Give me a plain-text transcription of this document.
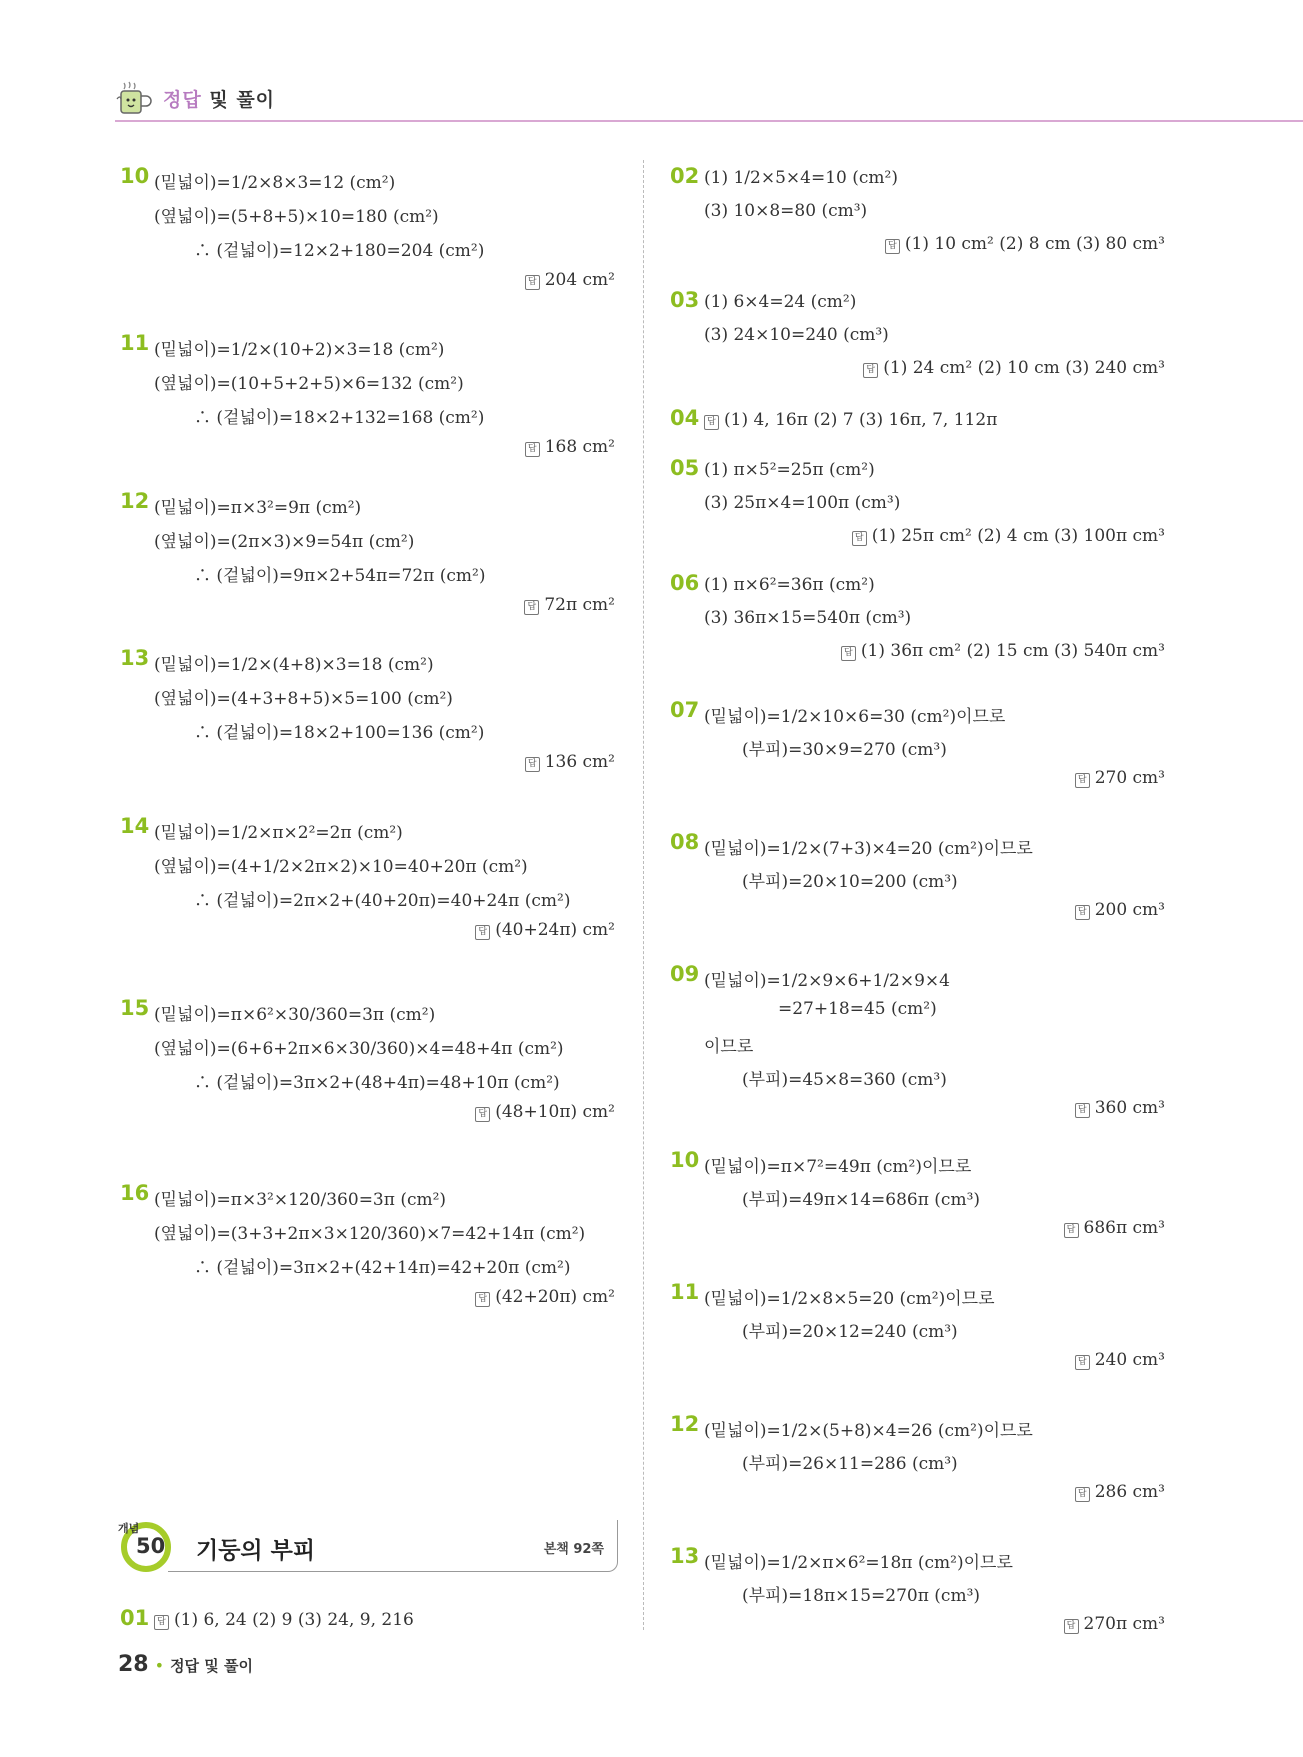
정답 및 풀이
10 (밑넓이)=1/2×8×3=12 (cm²)
(옆넓이)=(5+8+5)×10=180 (cm²)
∴ (겉넓이)=12×2+180=204 (cm²)
답 204 cm²
11 (밑넓이)=1/2×(10+2)×3=18 (cm²)
(옆넓이)=(10+5+2+5)×6=132 (cm²)
∴ (겉넓이)=18×2+132=168 (cm²)
답 168 cm²
12 (밑넓이)=π×3²=9π (cm²)
(옆넓이)=(2π×3)×9=54π (cm²)
∴ (겉넓이)=9π×2+54π=72π (cm²)
답 72π cm²
13 (밑넓이)=1/2×(4+8)×3=18 (cm²)
(옆넓이)=(4+3+8+5)×5=100 (cm²)
∴ (겉넓이)=18×2+100=136 (cm²)
답 136 cm²
14 (밑넓이)=1/2×π×2²=2π (cm²)
(옆넓이)=(4+1/2×2π×2)×10=40+20π (cm²)
∴ (겉넓이)=2π×2+(40+20π)=40+24π (cm²)
답 (40+24π) cm²
15 (밑넓이)=π×6²×30/360=3π (cm²)
(옆넓이)=(6+6+2π×6×30/360)×4=48+4π (cm²)
∴ (겉넓이)=3π×2+(48+4π)=48+10π (cm²)
답 (48+10π) cm²
16 (밑넓이)=π×3²×120/360=3π (cm²)
(옆넓이)=(3+3+2π×3×120/360)×7=42+14π (cm²)
∴ (겉넓이)=3π×2+(42+14π)=42+20π (cm²)
답 (42+20π) cm²
개념
50 기둥의 부피	본책 92쪽
01 답 (1) 6, 24 (2) 9 (3) 24, 9, 216
02 (1) 1/2×5×4=10 (cm²)
(3) 10×8=80 (cm³)
답 (1) 10 cm² (2) 8 cm (3) 80 cm³
03 (1) 6×4=24 (cm²)
(3) 24×10=240 (cm³)
답 (1) 24 cm² (2) 10 cm (3) 240 cm³
04 답 (1) 4, 16π (2) 7 (3) 16π, 7, 112π
05 (1) π×5²=25π (cm²)
(3) 25π×4=100π (cm³)
답 (1) 25π cm² (2) 4 cm (3) 100π cm³
06 (1) π×6²=36π (cm²)
(3) 36π×15=540π (cm³)
답 (1) 36π cm² (2) 15 cm (3) 540π cm³
07 (밑넓이)=1/2×10×6=30 (cm²)이므로
(부피)=30×9=270 (cm³)
답 270 cm³
08 (밑넓이)=1/2×(7+3)×4=20 (cm²)이므로
(부피)=20×10=200 (cm³)
답 200 cm³
09 (밑넓이)=1/2×9×6+1/2×9×4
=27+18=45 (cm²)
이므로
(부피)=45×8=360 (cm³)
답 360 cm³
10 (밑넓이)=π×7²=49π (cm²)이므로
(부피)=49π×14=686π (cm³)
답 686π cm³
11 (밑넓이)=1/2×8×5=20 (cm²)이므로
(부피)=20×12=240 (cm³)
답 240 cm³
12 (밑넓이)=1/2×(5+8)×4=26 (cm²)이므로
(부피)=26×11=286 (cm³)
답 286 cm³
13 (밑넓이)=1/2×π×6²=18π (cm²)이므로
(부피)=18π×15=270π (cm³)
답 270π cm³
28 • 정답 및 풀이
